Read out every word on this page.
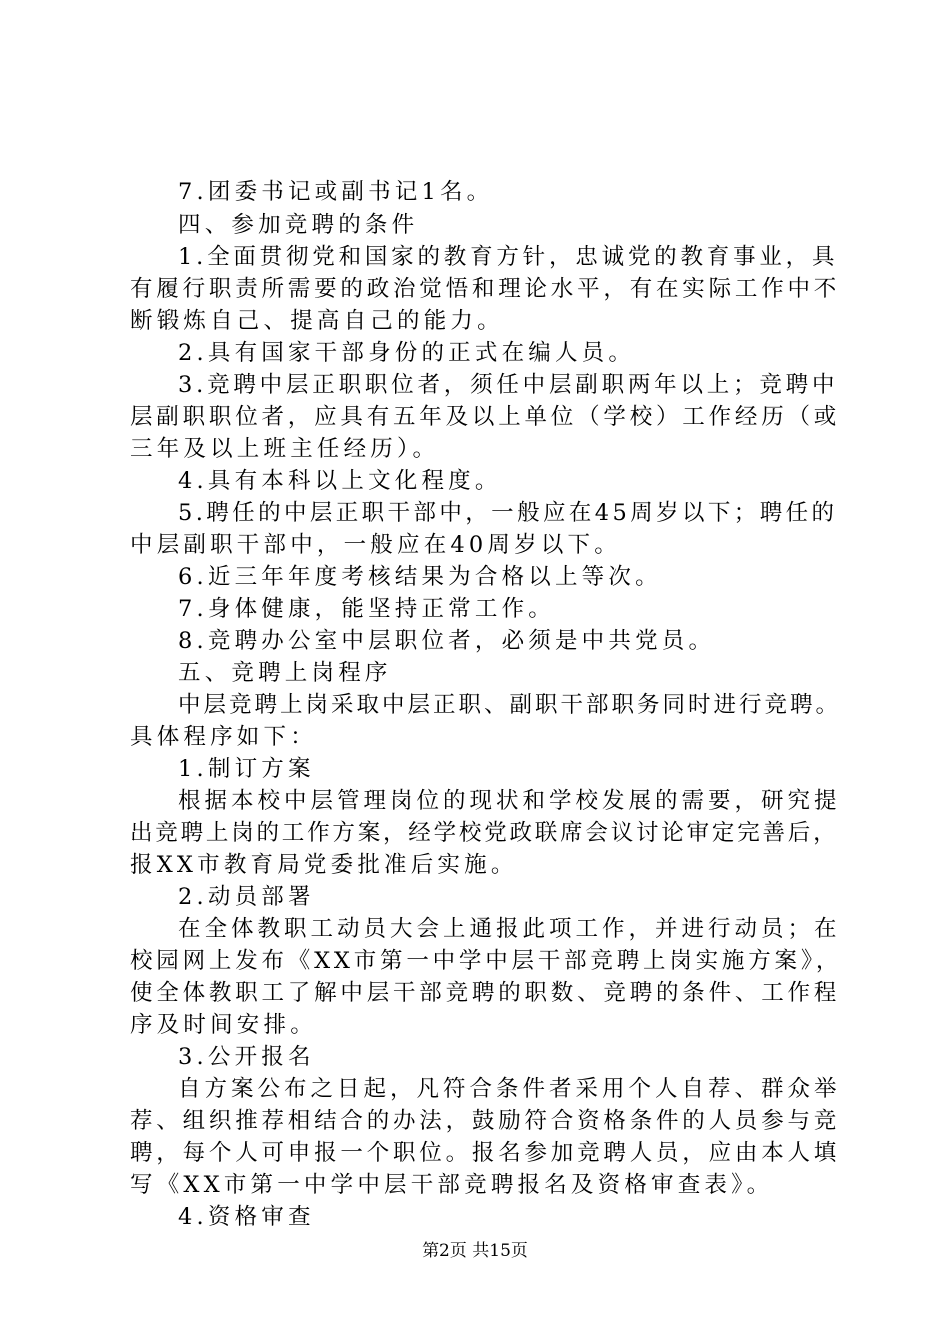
7.团委书记或副书记1名。
四、参加竞聘的条件
1.全面贯彻党和国家的教育方针，忠诚党的教育事业，具
有履行职责所需要的政治觉悟和理论水平，有在实际工作中不
断锻炼自己、提高自己的能力。
2.具有国家干部身份的正式在编人员。
3.竞聘中层正职职位者，须任中层副职两年以上；竞聘中
层副职职位者，应具有五年及以上单位（学校）工作经历（或
三年及以上班主任经历）。
4.具有本科以上文化程度。
5.聘任的中层正职干部中，一般应在45周岁以下；聘任的
中层副职干部中，一般应在40周岁以下。
6.近三年年度考核结果为合格以上等次。
7.身体健康，能坚持正常工作。
8.竞聘办公室中层职位者，必须是中共党员。
五、竞聘上岗程序
中层竞聘上岗采取中层正职、副职干部职务同时进行竞聘。
具体程序如下：
1.制订方案
根据本校中层管理岗位的现状和学校发展的需要，研究提
出竞聘上岗的工作方案，经学校党政联席会议讨论审定完善后，
报XX市教育局党委批准后实施。
2.动员部署
在全体教职工动员大会上通报此项工作，并进行动员；在
校园网上发布《XX市第一中学中层干部竞聘上岗实施方案》，
使全体教职工了解中层干部竞聘的职数、竞聘的条件、工作程
序及时间安排。
3.公开报名
自方案公布之日起，凡符合条件者采用个人自荐、群众举
荐、组织推荐相结合的办法，鼓励符合资格条件的人员参与竞
聘，每个人可申报一个职位。报名参加竞聘人员，应由本人填
写《XX市第一中学中层干部竞聘报名及资格审查表》。
4.资格审查
第2页 共15页
